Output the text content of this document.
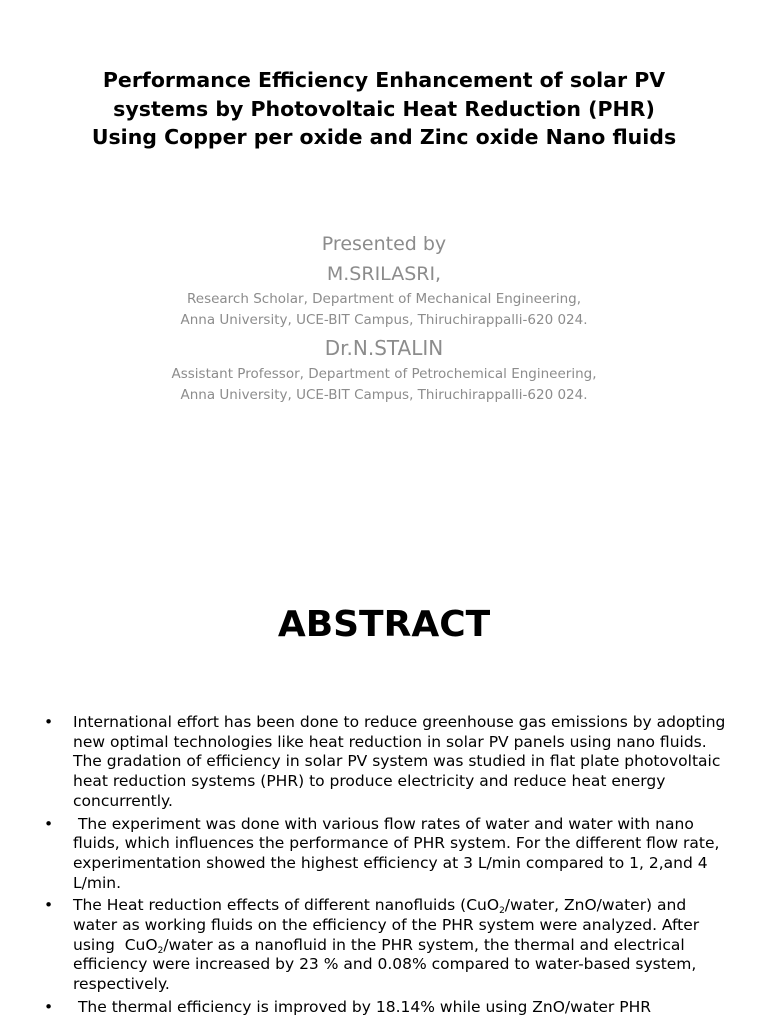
Performance Efficiency Enhancement of solar PV
systems by Photovoltaic Heat Reduction (PHR)
Using Copper per oxide and Zinc oxide Nano fluids
Presented by
M.SRILASRI,
Research Scholar, Department of Mechanical Engineering,
Anna University, UCE-BIT Campus, Thiruchirappalli-620 024.
Dr.N.STALIN
Assistant Professor, Department of Petrochemical Engineering,
Anna University, UCE-BIT Campus, Thiruchirappalli-620 024.
ABSTRACT
• International effort has been done to reduce greenhouse gas emissions by adopting new optimal technologies like heat reduction in solar PV panels using nano fluids. The gradation of efficiency in solar PV system was studied in flat plate photovoltaic heat reduction systems (PHR) to produce electricity and reduce heat energy concurrently.
• The experiment was done with various flow rates of water and water with nano fluids, which influences the performance of PHR system. For the different flow rate, experimentation showed the highest efficiency at 3 L/min compared to 1, 2,and 4 L/min.
• The Heat reduction effects of different nanofluids (CuO$_2$/water, ZnO/water) and water as working fluids on the efficiency of the PHR system were analyzed. After using  CuO$_2$/water as a nanofluid in the PHR system, the thermal and electrical efficiency were increased by 23 % and 0.08% compared to water-based system, respectively.
• The thermal efficiency is improved by 18.14% while using ZnO/water PHR
